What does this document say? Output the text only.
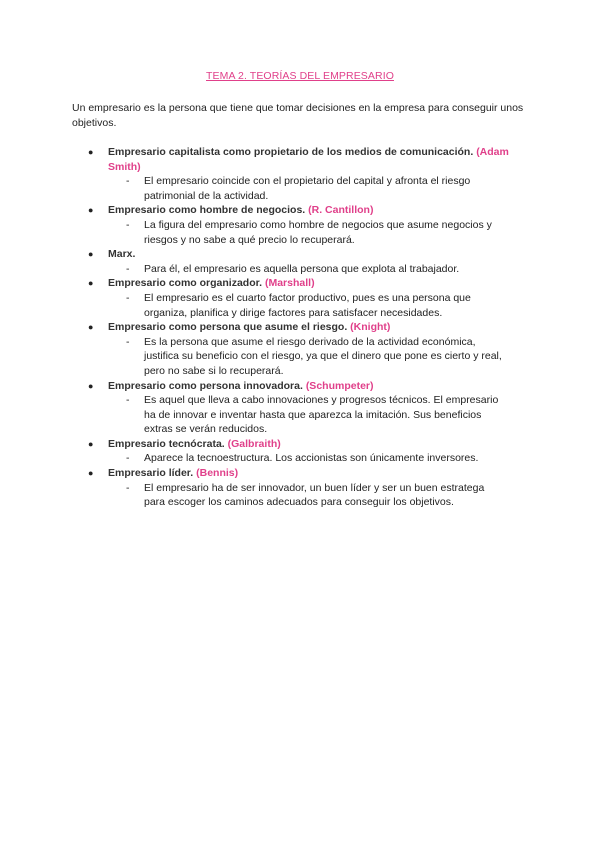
TEMA 2. TEORÍAS DEL EMPRESARIO
Un empresario es la persona que tiene que tomar decisiones en la empresa para conseguir unos objetivos.
● Empresario capitalista como propietario de los medios de comunicación. (Adam Smith)
- El empresario coincide con el propietario del capital y afronta el riesgo
patrimonial de la actividad.
● Empresario como hombre de negocios. (R. Cantillon)
- La figura del empresario como hombre de negocios que asume negocios y
riesgos y no sabe a qué precio lo recuperará.
● Marx.
- Para él, el empresario es aquella persona que explota al trabajador.
● Empresario como organizador. (Marshall)
- El empresario es el cuarto factor productivo, pues es una persona que
organiza, planifica y dirige factores para satisfacer necesidades.
● Empresario como persona que asume el riesgo. (Knight)
- Es la persona que asume el riesgo derivado de la actividad económica,
justifica su beneficio con el riesgo, ya que el dinero que pone es cierto y real,
pero no sabe si lo recuperará.
● Empresario como persona innovadora. (Schumpeter)
- Es aquel que lleva a cabo innovaciones y progresos técnicos. El empresario
ha de innovar e inventar hasta que aparezca la imitación. Sus beneficios
extras se verán reducidos.
● Empresario tecnócrata. (Galbraith)
- Aparece la tecnoestructura. Los accionistas son únicamente inversores.
● Empresario líder. (Bennis)
- El empresario ha de ser innovador, un buen líder y ser un buen estratega
para escoger los caminos adecuados para conseguir los objetivos.
